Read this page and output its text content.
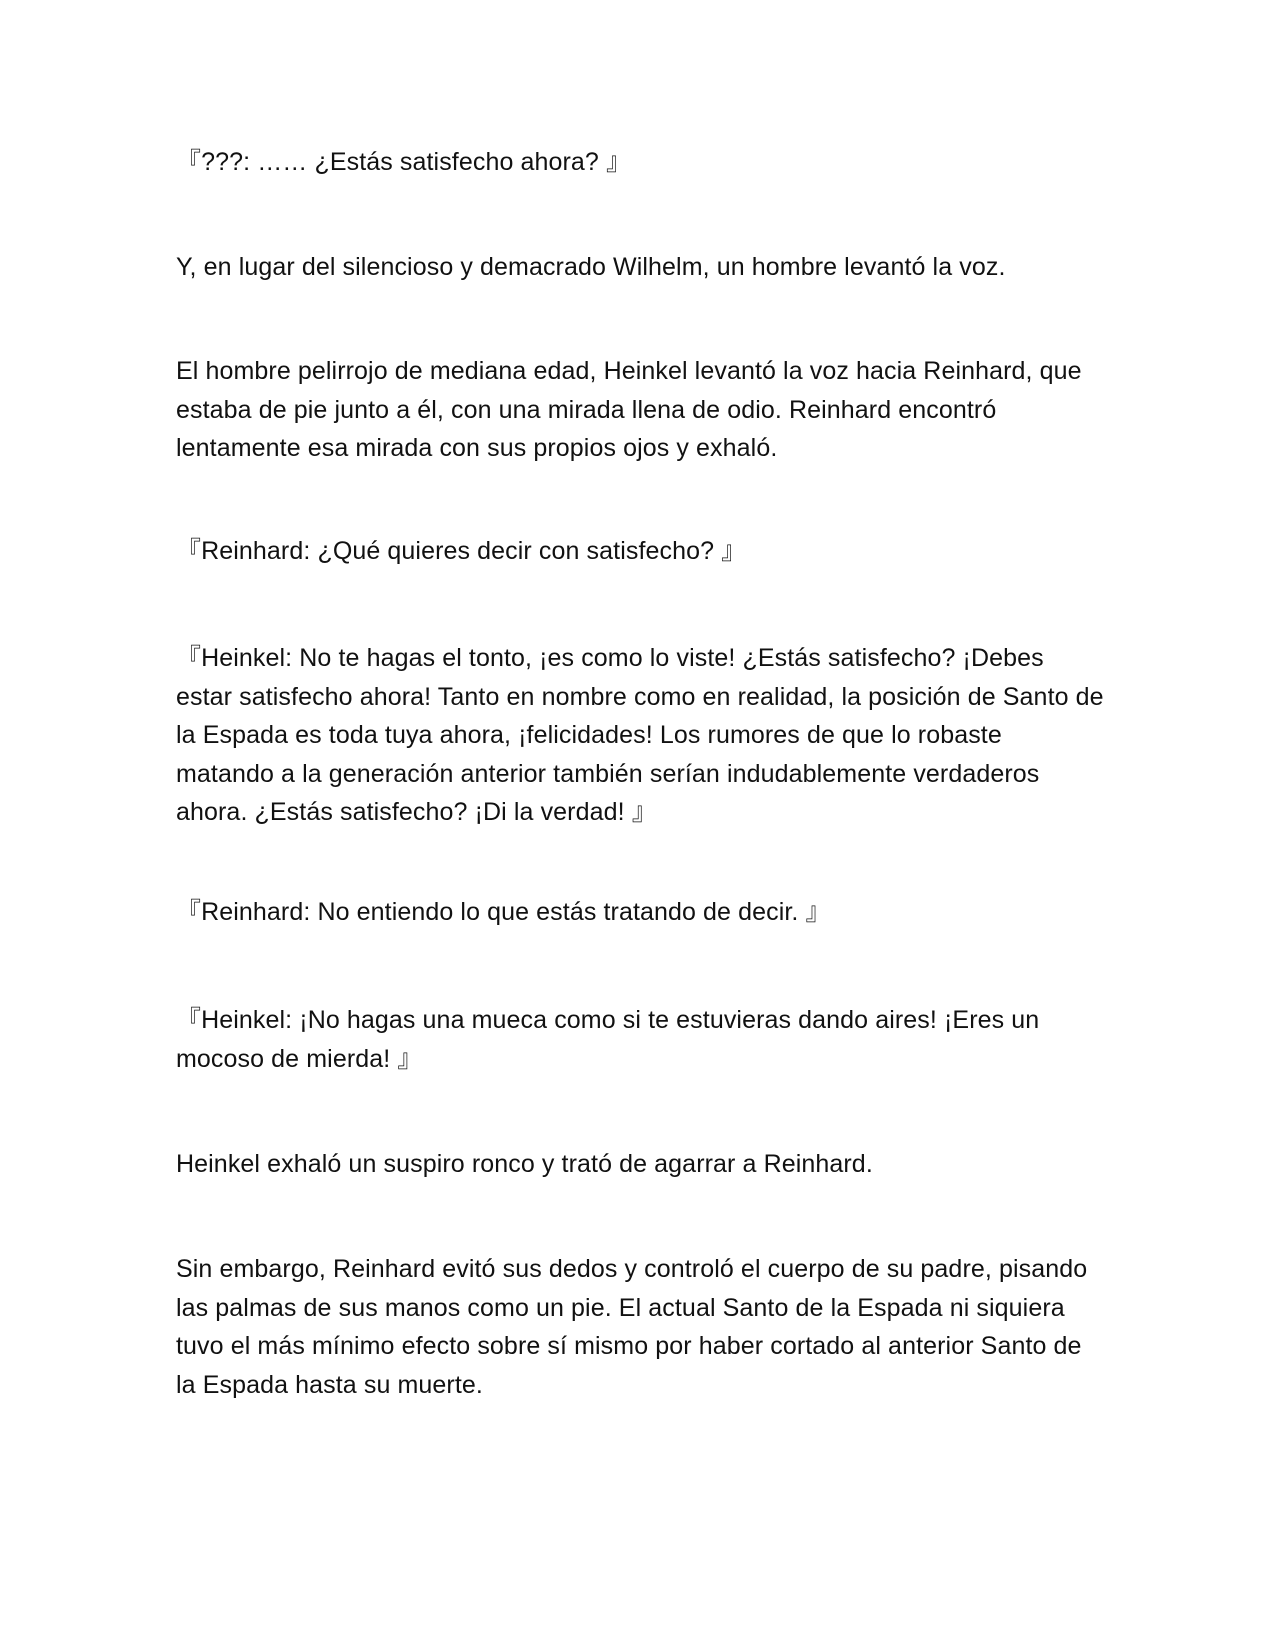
『???: …… ¿Estás satisfecho ahora? 』

Y, en lugar del silencioso y demacrado Wilhelm, un hombre levantó la voz.

El hombre pelirrojo de mediana edad, Heinkel levantó la voz hacia Reinhard, que estaba de pie junto a él, con una mirada llena de odio. Reinhard encontró lentamente esa mirada con sus propios ojos y exhaló.

『Reinhard: ¿Qué quieres decir con satisfecho? 』

『Heinkel: No te hagas el tonto, ¡es como lo viste! ¿Estás satisfecho? ¡Debes estar satisfecho ahora! Tanto en nombre como en realidad, la posición de Santo de la Espada es toda tuya ahora, ¡felicidades! Los rumores de que lo robaste matando a la generación anterior también serían indudablemente verdaderos ahora. ¿Estás satisfecho? ¡Di la verdad! 』

『Reinhard: No entiendo lo que estás tratando de decir. 』

『Heinkel: ¡No hagas una mueca como si te estuvieras dando aires! ¡Eres un mocoso de mierda! 』

Heinkel exhaló un suspiro ronco y trató de agarrar a Reinhard.

Sin embargo, Reinhard evitó sus dedos y controló el cuerpo de su padre, pisando las palmas de sus manos como un pie. El actual Santo de la Espada ni siquiera tuvo el más mínimo efecto sobre sí mismo por haber cortado al anterior Santo de la Espada hasta su muerte.
